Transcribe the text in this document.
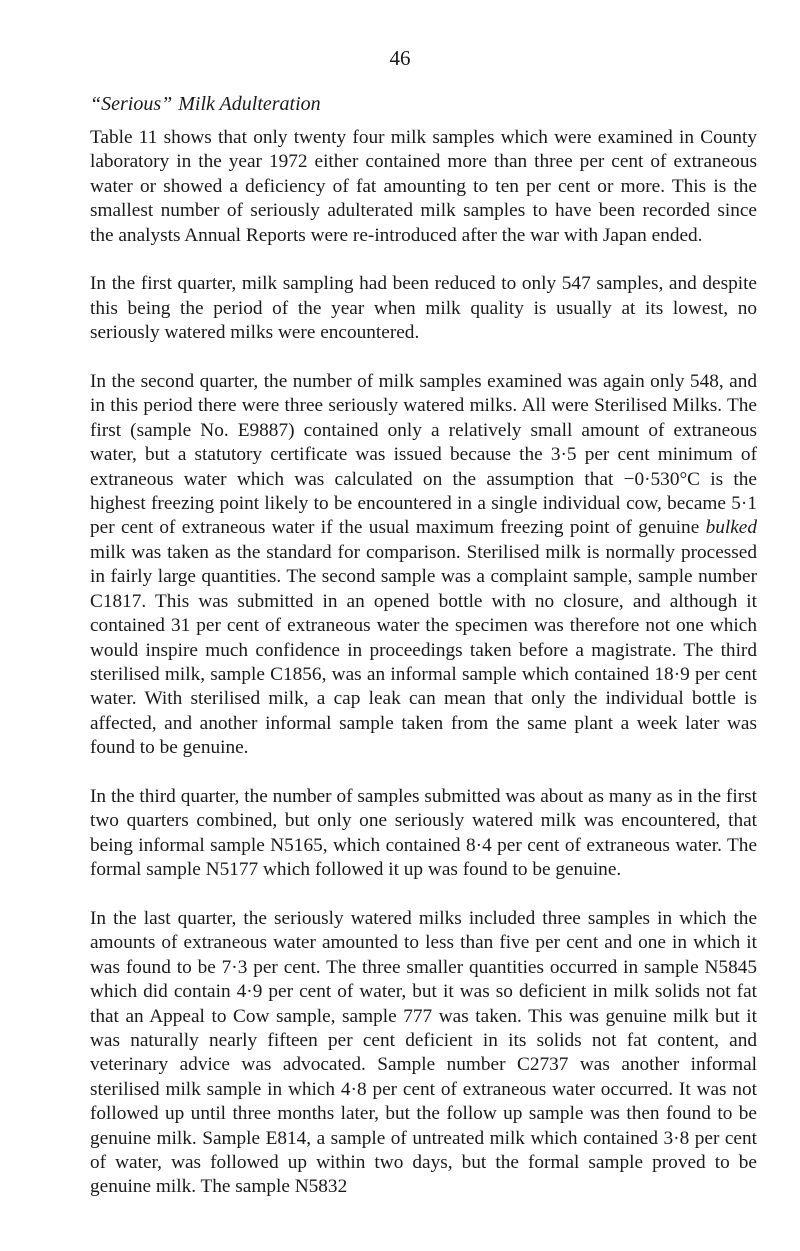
46
“Serious” Milk Adulteration

Table 11 shows that only twenty four milk samples which were examined in County laboratory in the year 1972 either contained more than three per cent of extraneous water or showed a deficiency of fat amounting to ten per cent or more. This is the smallest number of seriously adulterated milk samples to have been recorded since the analysts Annual Reports were re-introduced after the war with Japan ended.

In the first quarter, milk sampling had been reduced to only 547 samples, and despite this being the period of the year when milk quality is usually at its lowest, no seriously watered milks were encountered.

In the second quarter, the number of milk samples examined was again only 548, and in this period there were three seriously watered milks. All were Sterilised Milks. The first (sample No. E9887) contained only a relatively small amount of extraneous water, but a statutory certificate was issued because the 3·5 per cent minimum of extraneous water which was calculated on the assumption that −0·530°C is the highest freezing point likely to be encountered in a single individual cow, became 5·1 per cent of extraneous water if the usual maximum freezing point of genuine bulked milk was taken as the standard for comparison. Sterilised milk is normally processed in fairly large quantities. The second sample was a complaint sample, sample number C1817. This was submitted in an opened bottle with no closure, and although it contained 31 per cent of extraneous water the specimen was therefore not one which would inspire much confidence in proceedings taken before a magistrate. The third sterilised milk, sample C1856, was an informal sample which contained 18·9 per cent water. With sterilised milk, a cap leak can mean that only the individual bottle is affected, and another informal sample taken from the same plant a week later was found to be genuine.

In the third quarter, the number of samples submitted was about as many as in the first two quarters combined, but only one seriously watered milk was encountered, that being informal sample N5165, which contained 8·4 per cent of extraneous water. The formal sample N5177 which followed it up was found to be genuine.

In the last quarter, the seriously watered milks included three samples in which the amounts of extraneous water amounted to less than five per cent and one in which it was found to be 7·3 per cent. The three smaller quantities occurred in sample N5845 which did contain 4·9 per cent of water, but it was so deficient in milk solids not fat that an Appeal to Cow sample, sample 777 was taken. This was genuine milk but it was naturally nearly fifteen per cent deficient in its solids not fat content, and veterinary advice was advocated. Sample number C2737 was another informal sterilised milk sample in which 4·8 per cent of extraneous water occurred. It was not followed up until three months later, but the follow up sample was then found to be genuine milk. Sample E814, a sample of untreated milk which contained 3·8 per cent of water, was followed up within two days, but the formal sample proved to be genuine milk. The sample N5832
